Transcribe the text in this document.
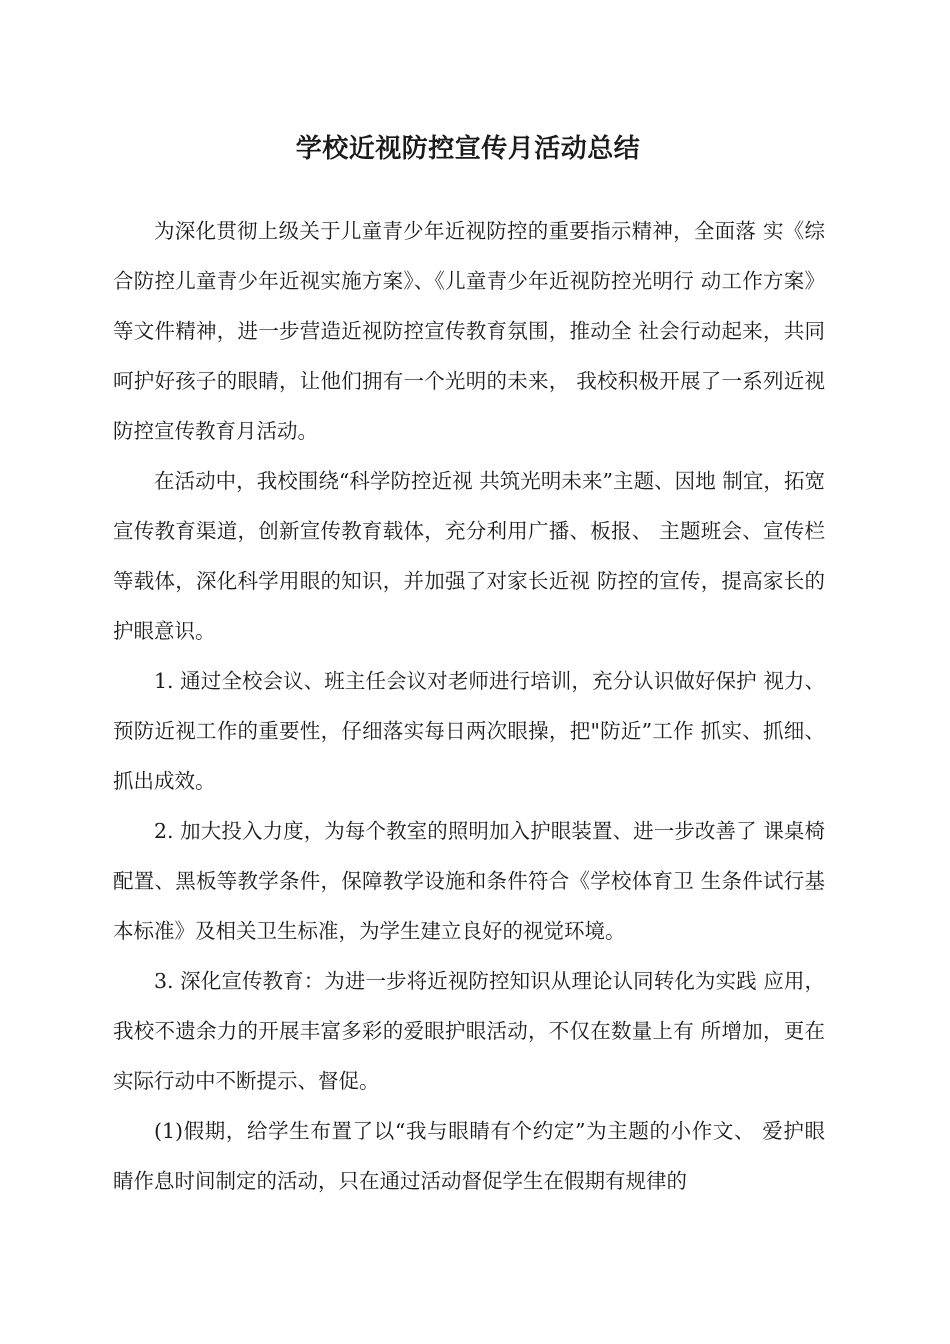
学校近视防控宣传月活动总结

为深化贯彻上级关于儿童青少年近视防控的重要指示精神，全面落 实《综合防控儿童青少年近视实施方案》、《儿童青少年近视防控光明行 动工作方案》等文件精神，进一步营造近视防控宣传教育氛围，推动全 社会行动起来，共同呵护好孩子的眼睛，让他们拥有一个光明的未来， 我校积极开展了一系列近视防控宣传教育月活动。

在活动中，我校围绕“科学防控近视 共筑光明未来”主题、因地 制宜，拓宽宣传教育渠道，创新宣传教育载体，充分利用广播、板报、 主题班会、宣传栏等载体，深化科学用眼的知识，并加强了对家长近视 防控的宣传，提高家长的护眼意识。

1. 通过全校会议、班主任会议对老师进行培训，充分认识做好保护 视力、预防近视工作的重要性，仔细落实每日两次眼操，把"防近”工作 抓实、抓细、抓出成效。

2. 加大投入力度，为每个教室的照明加入护眼装置、进一步改善了 课桌椅配置、黑板等教学条件，保障教学设施和条件符合《学校体育卫 生条件试行基本标准》及相关卫生标准，为学生建立良好的视觉环境。

3. 深化宣传教育：为进一步将近视防控知识从理论认同转化为实践 应用，我校不遗余力的开展丰富多彩的爱眼护眼活动，不仅在数量上有 所增加，更在实际行动中不断提示、督促。

(1)假期，给学生布置了以“我与眼睛有个约定”为主题的小作文、 爱护眼睛作息时间制定的活动，只在通过活动督促学生在假期有规律的
